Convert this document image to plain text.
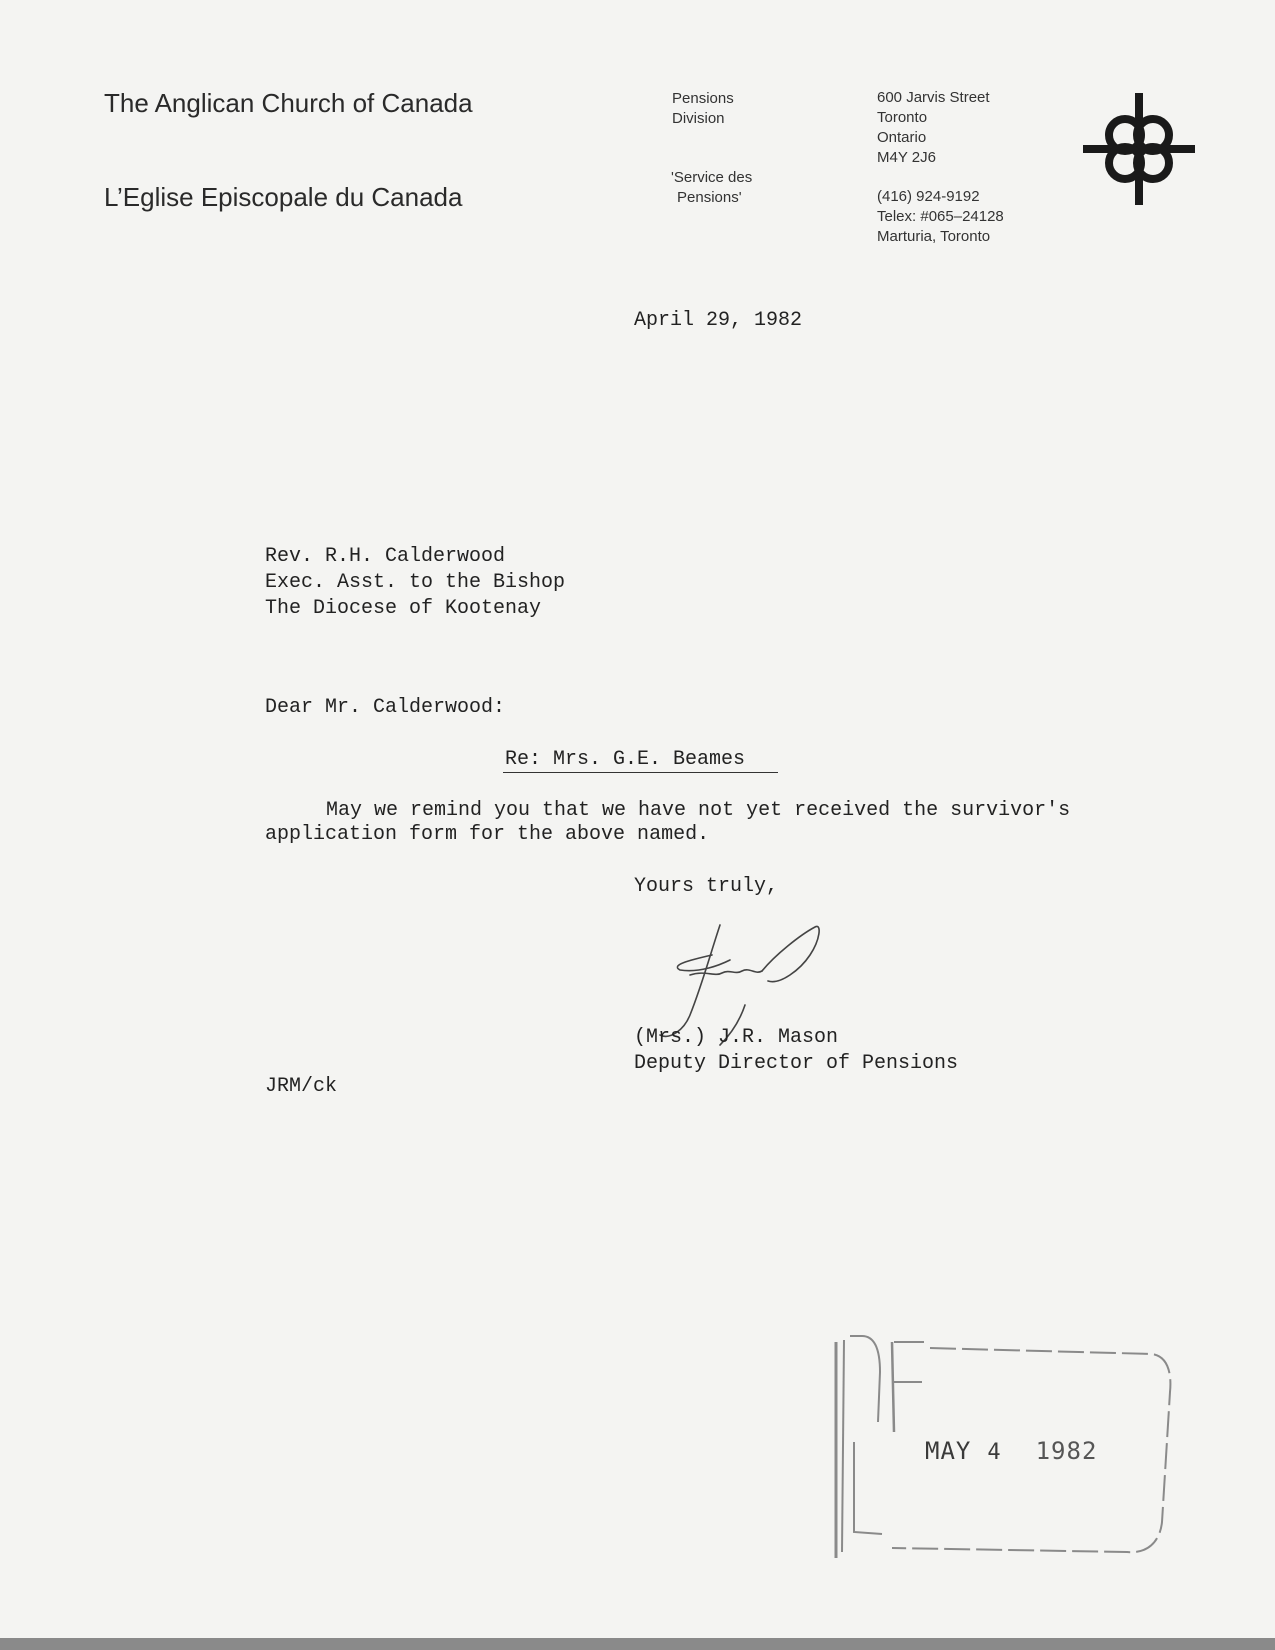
The Anglican Church of Canada
L’Eglise Episcopale du Canada
Pensions
Division
'Service des
Pensions'
600 Jarvis Street
Toronto
Ontario
M4Y 2J6
(416) 924-9192
Telex: #065–24128
Marturia, Toronto
April 29, 1982
Rev. R.H. Calderwood
Exec. Asst. to the Bishop
The Diocese of Kootenay
Dear Mr. Calderwood:
Re: Mrs. G.E. Beames
May we remind you that we have not yet received the survivor's
application form for the above named.
Yours truly,
(Mrs.) J.R. Mason
Deputy Director of Pensions
JRM/ck
MAY 4 1982
